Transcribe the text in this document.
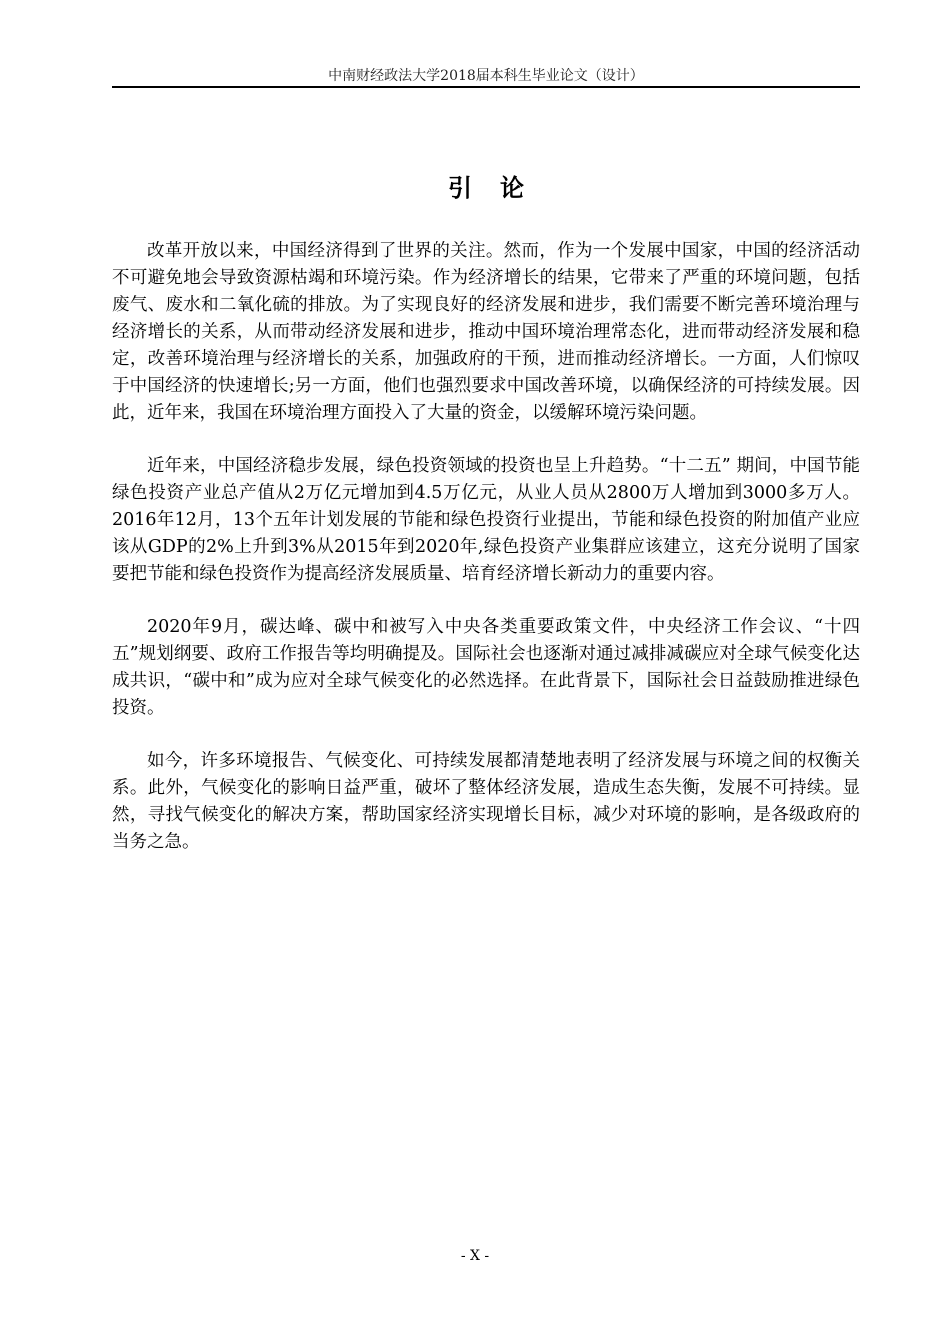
中南财经政法大学2018届本科生毕业论文（设计）
引论

改革开放以来，中国经济得到了世界的关注。然而，作为一个发展中国家，中国的经济活动不可避免地会导致资源枯竭和环境污染。作为经济增长的结果，它带来了严重的环境问题，包括废气、废水和二氧化硫的排放。为了实现良好的经济发展和进步，我们需要不断完善环境治理与经济增长的关系，从而带动经济发展和进步，推动中国环境治理常态化，进而带动经济发展和稳定，改善环境治理与经济增长的关系，加强政府的干预，进而推动经济增长。一方面，人们惊叹于中国经济的快速增长;另一方面，他们也强烈要求中国改善环境，以确保经济的可持续发展。因此，近年来，我国在环境治理方面投入了大量的资金，以缓解环境污染问题。

近年来，中国经济稳步发展，绿色投资领域的投资也呈上升趋势。“十二五” 期间，中国节能绿色投资产业总产值从2万亿元增加到4.5万亿元，从业人员从2800万人增加到3000多万人。2016年12月，13个五年计划发展的节能和绿色投资行业提出，节能和绿色投资的附加值产业应该从GDP的2%上升到3%从2015年到2020年,绿色投资产业集群应该建立，这充分说明了国家要把节能和绿色投资作为提高经济发展质量、培育经济增长新动力的重要内容。

2020年9月，碳达峰、碳中和被写入中央各类重要政策文件，中央经济工作会议、“十四五”规划纲要、政府工作报告等均明确提及。国际社会也逐渐对通过减排减碳应对全球气候变化达成共识，“碳中和”成为应对全球气候变化的必然选择。在此背景下，国际社会日益鼓励推进绿色投资。

如今，许多环境报告、气候变化、可持续发展都清楚地表明了经济发展与环境之间的权衡关系。此外，气候变化的影响日益严重，破坏了整体经济发展，造成生态失衡，发展不可持续。显然，寻找气候变化的解决方案，帮助国家经济实现增长目标，减少对环境的影响，是各级政府的当务之急。

- X -
